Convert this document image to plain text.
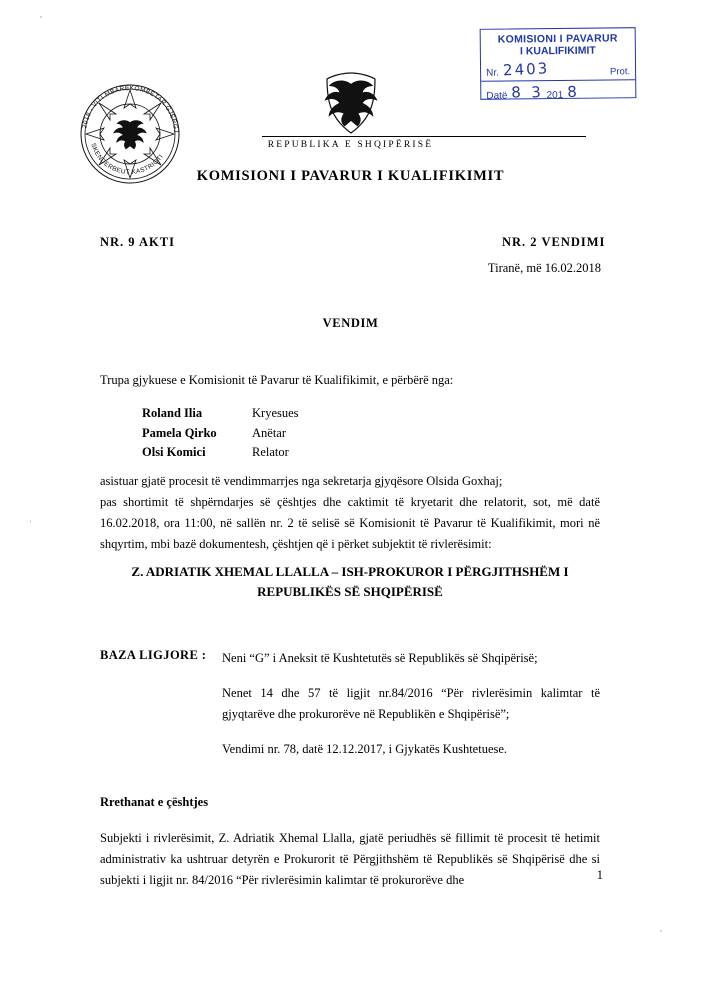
2018 - VITI MBAREKOMBËTAR GJERGJ
SKENDERBEUT KASTRIOTI
KOMISIONI I PAVARUR
I KUALIFIKIMIT
Nr. 2403	Prot.
Datë 8 3 201 8
REPUBLIKA E SHQIPËRISË
KOMISIONI I PAVARUR I KUALIFIKIMIT
NR. 9 AKTI	NR. 2 VENDIMI
Tiranë, më 16.02.2018
VENDIM
Trupa gjykuese e Komisionit të Pavarur të Kualifikimit, e përbërë nga:
Roland Ilia	Kryesues
Pamela Qirko	Anëtar
Olsi Komici	Relator
asistuar gjatë procesit të vendimmarrjes nga sekretarja gjyqësore Olsida Goxhaj;
pas shortimit të shpërndarjes së çështjes dhe caktimit të kryetarit dhe relatorit, sot, më datë 16.02.2018, ora 11:00, në sallën nr. 2 të selisë së Komisionit të Pavarur të Kualifikimit, mori në shqyrtim, mbi bazë dokumentesh, çështjen që i përket subjektit të rivlerësimit:
Z. ADRIATIK XHEMAL LLALLA – ISH-PROKUROR I PËRGJITHSHËM I
REPUBLIKËS SË SHQIPËRISË
BAZA LIGJORE : Neni “G” i Aneksit të Kushtetutës së Republikës së Shqipërisë;

Nenet 14 dhe 57 të ligjit nr.84/2016 “Për rivlerësimin kalimtar të gjyqtarëve dhe prokurorëve në Republikën e Shqipërisë”;

Vendimi nr. 78, datë 12.12.2017, i Gjykatës Kushtetuese.

Rrethanat e çështjes
Subjekti i rivlerësimit, Z. Adriatik Xhemal Llalla, gjatë periudhës së fillimit të procesit të hetimit administrativ ka ushtruar detyrën e Prokurorit të Përgjithshëm të Republikës së Shqipërisë dhe si subjekti i ligjit nr. 84/2016 “Për rivlerësimin kalimtar të prokurorëve dhe	1
